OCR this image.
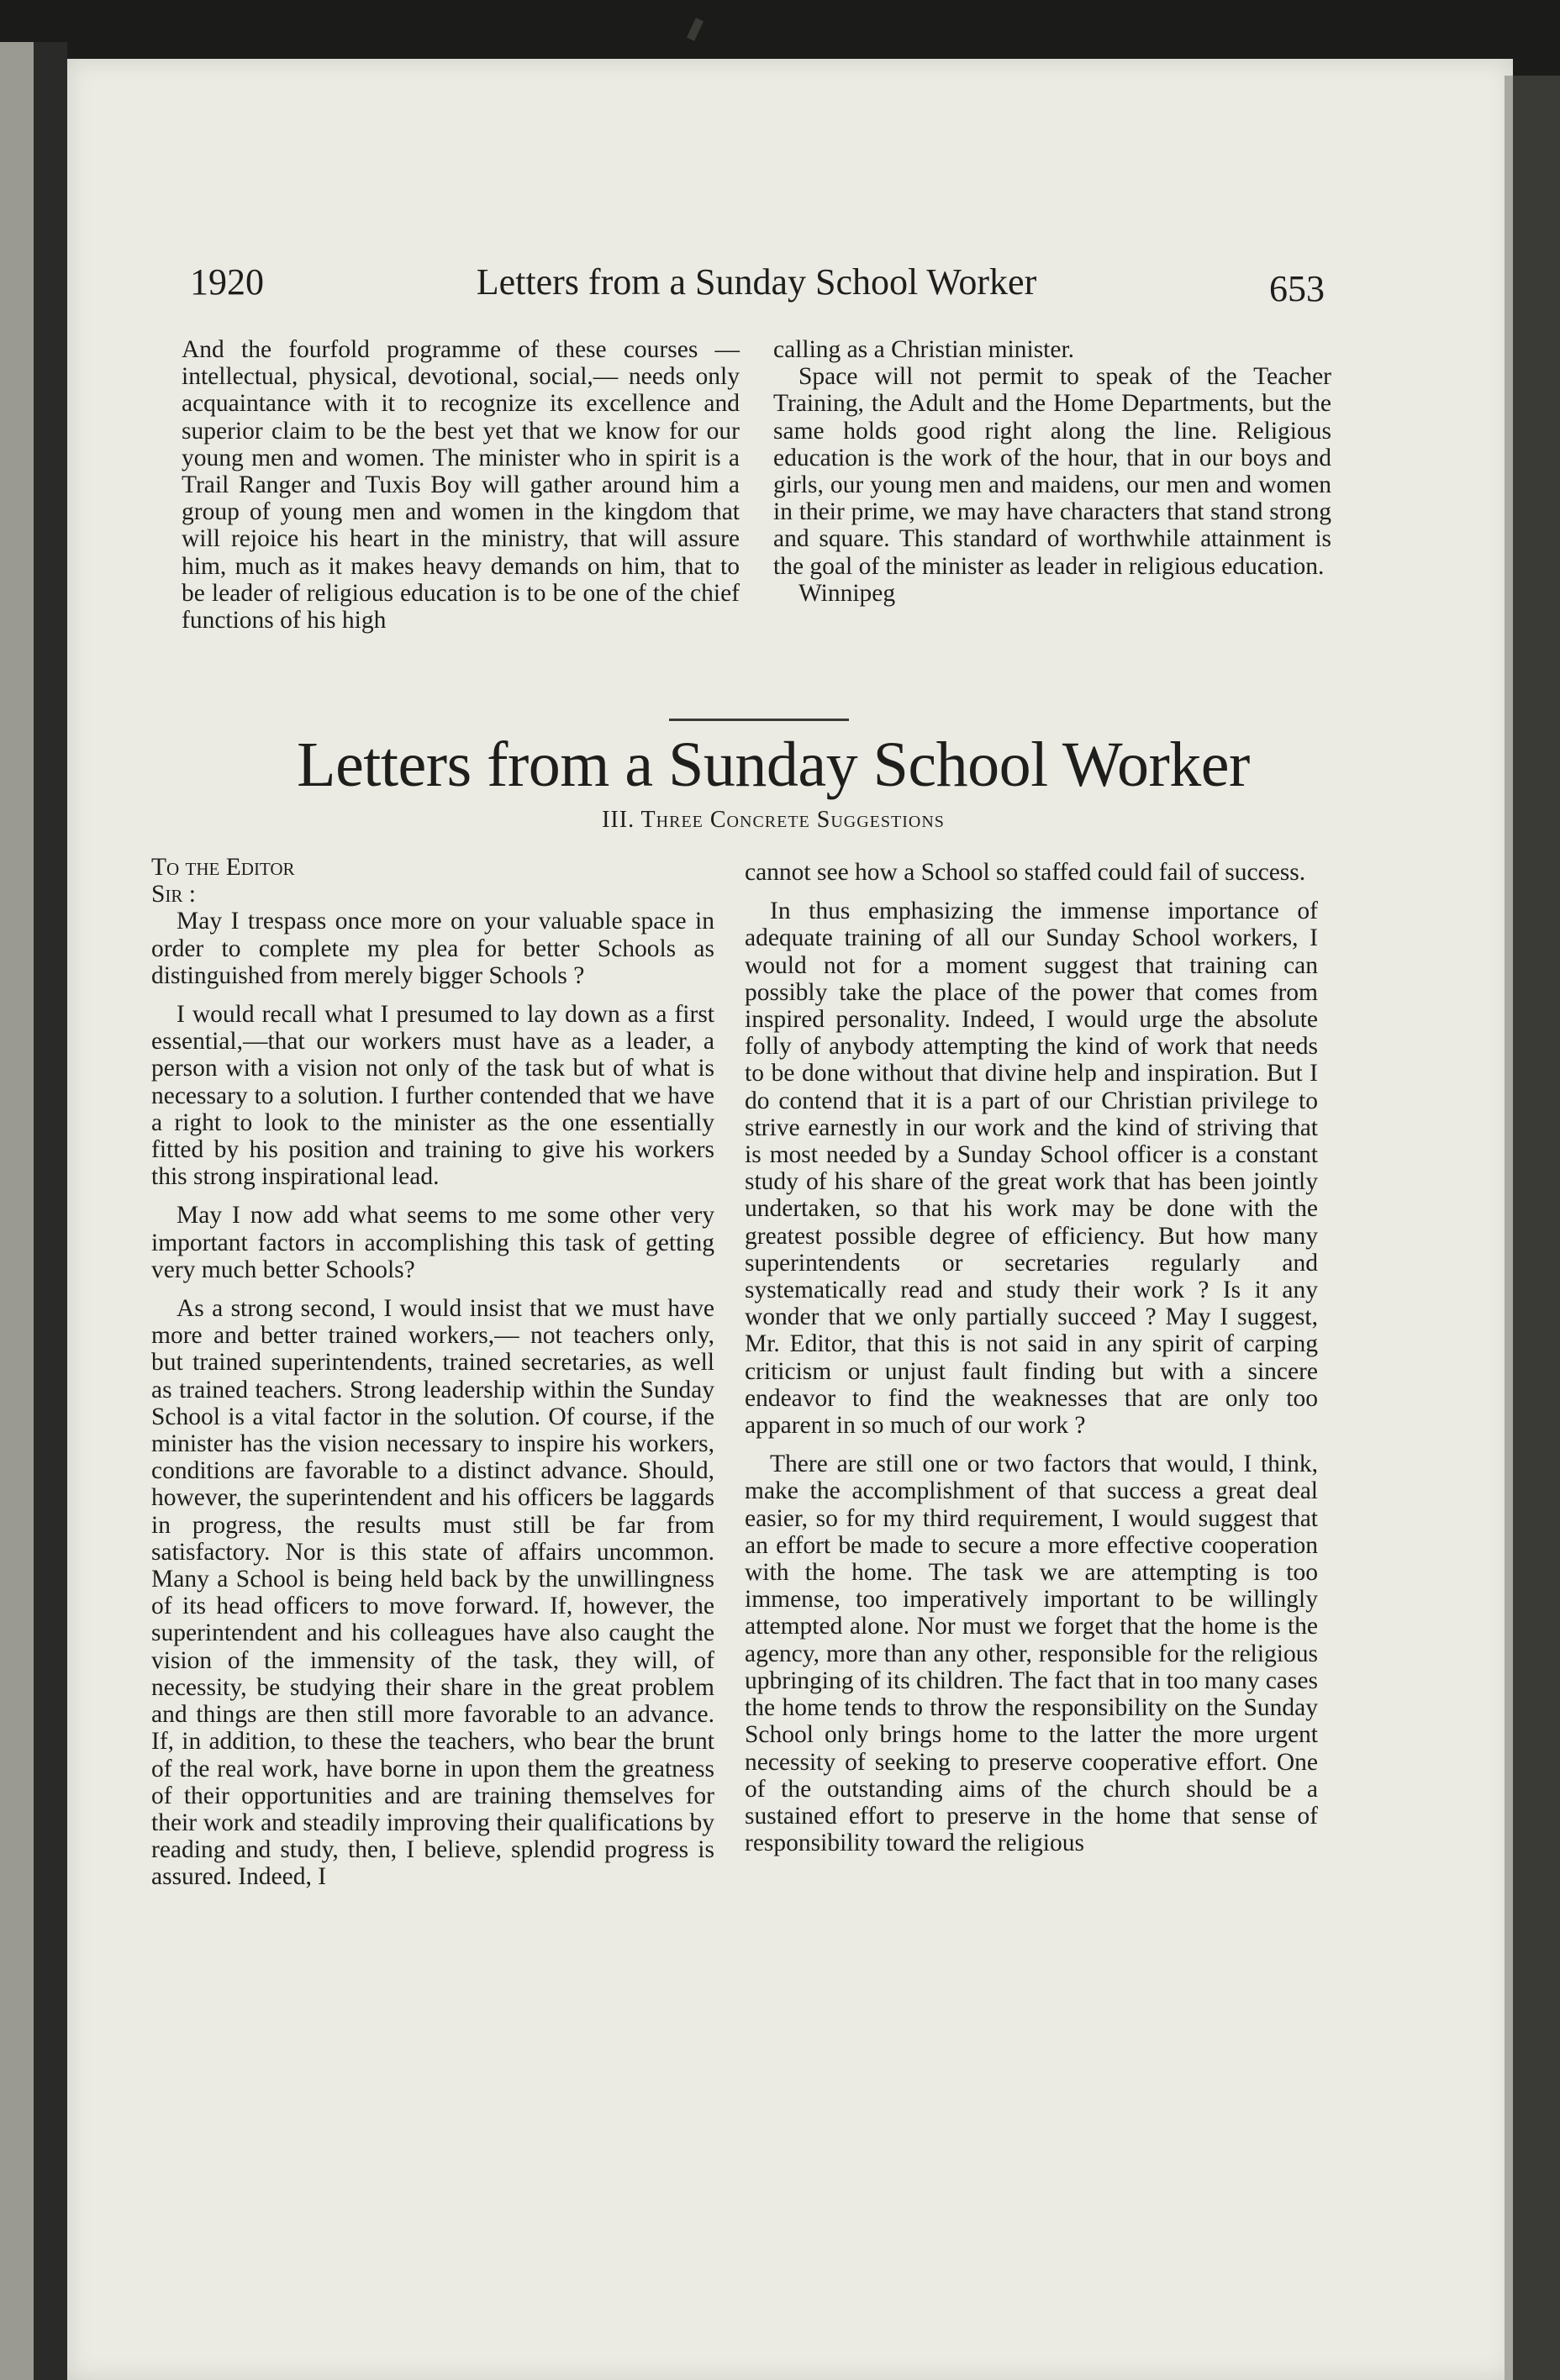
1920	Letters from a Sunday School Worker	653

And the fourfold programme of these courses —intellectual, physical, devotional, social,— needs only acquaintance with it to recognize its excellence and superior claim to be the best yet that we know for our young men and women. The minister who in spirit is a Trail Ranger and Tuxis Boy will gather around him a group of young men and women in the kingdom that will rejoice his heart in the ministry, that will assure him, much as it makes heavy demands on him, that to be leader of religious education is to be one of the chief functions of his high

calling as a Christian minister.

Space will not permit to speak of the Teacher Training, the Adult and the Home Departments, but the same holds good right along the line. Religious education is the work of the hour, that in our boys and girls, our young men and maidens, our men and women in their prime, we may have characters that stand strong and square. This standard of worthwhile attainment is the goal of the minister as leader in religious education.

Winnipeg

Letters from a Sunday School Worker
III. Three Concrete Suggestions

To the Editor

Sir :

May I trespass once more on your valuable space in order to complete my plea for better Schools as distinguished from merely bigger Schools ?

I would recall what I presumed to lay down as a first essential,—that our workers must have as a leader, a person with a vision not only of the task but of what is necessary to a solution. I further contended that we have a right to look to the minister as the one essentially fitted by his position and training to give his workers this strong inspirational lead.

May I now add what seems to me some other very important factors in accomplishing this task of getting very much better Schools?

As a strong second, I would insist that we must have more and better trained workers,— not teachers only, but trained superintendents, trained secretaries, as well as trained teachers. Strong leadership within the Sunday School is a vital factor in the solution. Of course, if the minister has the vision necessary to inspire his workers, conditions are favorable to a distinct advance. Should, however, the superintendent and his officers be laggards in progress, the results must still be far from satisfactory. Nor is this state of affairs uncommon. Many a School is being held back by the unwillingness of its head officers to move forward. If, however, the superintendent and his colleagues have also caught the vision of the immensity of the task, they will, of necessity, be studying their share in the great problem and things are then still more favorable to an advance. If, in addition, to these the teachers, who bear the brunt of the real work, have borne in upon them the greatness of their opportunities and are training themselves for their work and steadily improving their qualifications by reading and study, then, I believe, splendid progress is assured. Indeed, I

cannot see how a School so staffed could fail of success.

In thus emphasizing the immense importance of adequate training of all our Sunday School workers, I would not for a moment suggest that training can possibly take the place of the power that comes from inspired personality. Indeed, I would urge the absolute folly of anybody attempting the kind of work that needs to be done without that divine help and inspiration. But I do contend that it is a part of our Christian privilege to strive earnestly in our work and the kind of striving that is most needed by a Sunday School officer is a constant study of his share of the great work that has been jointly undertaken, so that his work may be done with the greatest possible degree of efficiency. But how many superintendents or secretaries regularly and systematically read and study their work ? Is it any wonder that we only partially succeed ? May I suggest, Mr. Editor, that this is not said in any spirit of carping criticism or unjust fault finding but with a sincere endeavor to find the weaknesses that are only too apparent in so much of our work ?

There are still one or two factors that would, I think, make the accomplishment of that success a great deal easier, so for my third requirement, I would suggest that an effort be made to secure a more effective cooperation with the home. The task we are attempting is too immense, too imperatively important to be willingly attempted alone. Nor must we forget that the home is the agency, more than any other, responsible for the religious upbringing of its children. The fact that in too many cases the home tends to throw the responsibility on the Sunday School only brings home to the latter the more urgent necessity of seeking to preserve cooperative effort. One of the outstanding aims of the church should be a sustained effort to preserve in the home that sense of responsibility toward the religious
